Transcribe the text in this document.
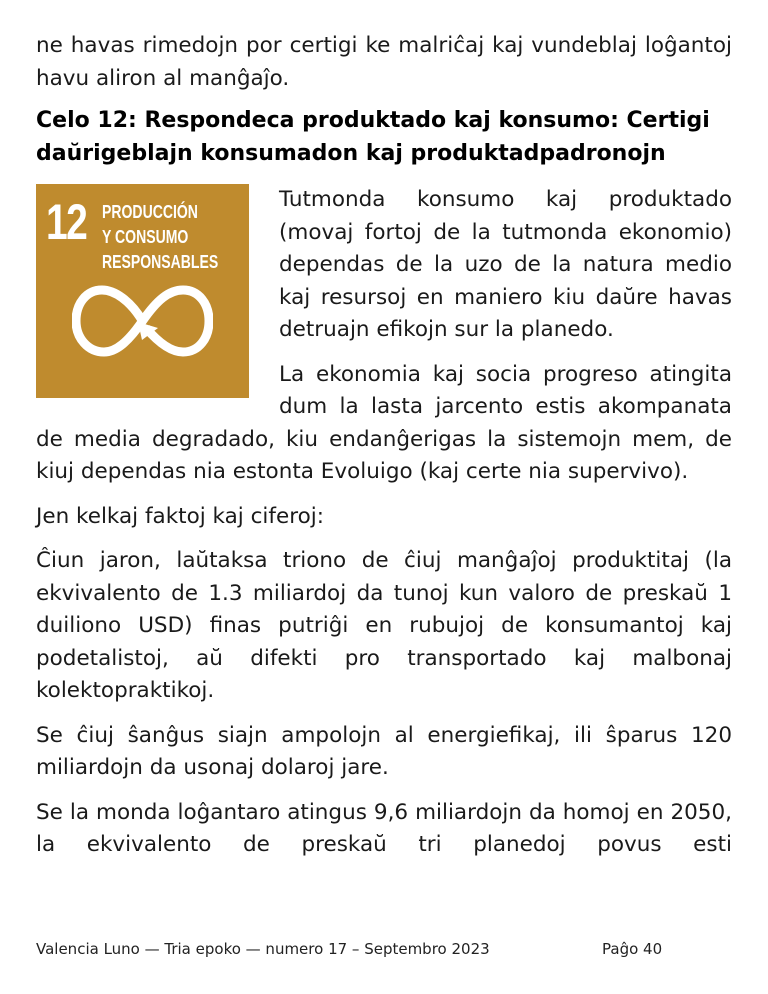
ne havas rimedojn por certigi ke malriĉaj kaj vundeblaj loĝantoj havu aliron al manĝaĵo.

Celo 12: Respondeca produktado kaj konsumo: Certigi daŭrigeblajn konsumadon kaj produktadpadronojn
12 PRODUCCIÓN
Y CONSUMO
RESPONSABLES

Tutmonda konsumo kaj produktado (movaj fortoj de la tutmonda ekonomio) dependas de la uzo de la natura medio kaj resursoj en maniero kiu daŭre havas detruajn efikojn sur la planedo.

La ekonomia kaj socia progreso atingita dum la lasta jarcento estis akompanata de media degradado, kiu endanĝerigas la sistemojn mem, de kiuj dependas nia estonta Evoluigo (kaj certe nia supervivo).

Jen kelkaj faktoj kaj ciferoj:

Ĉiun jaron, laŭtaksa triono de ĉiuj manĝaĵoj produktitaj (la ekvivalento de 1.3 miliardoj da tunoj kun valoro de preskaŭ 1 duiliono USD) finas putriĝi en rubujoj de konsumantoj kaj podetalistoj, aŭ difekti pro transportado kaj malbonaj kolektopraktikoj.

Se ĉiuj ŝanĝus siajn ampolojn al energiefikaj, ili ŝparus 120 miliardojn da usonaj dolaroj jare.

Se la monda loĝantaro atingus 9,6 miliardojn da homoj en 2050, la ekvivalento de preskaŭ tri planedoj povus esti

Valencia Luno — Tria epoko — numero 17 – Septembro 2023	Paĝo 40
